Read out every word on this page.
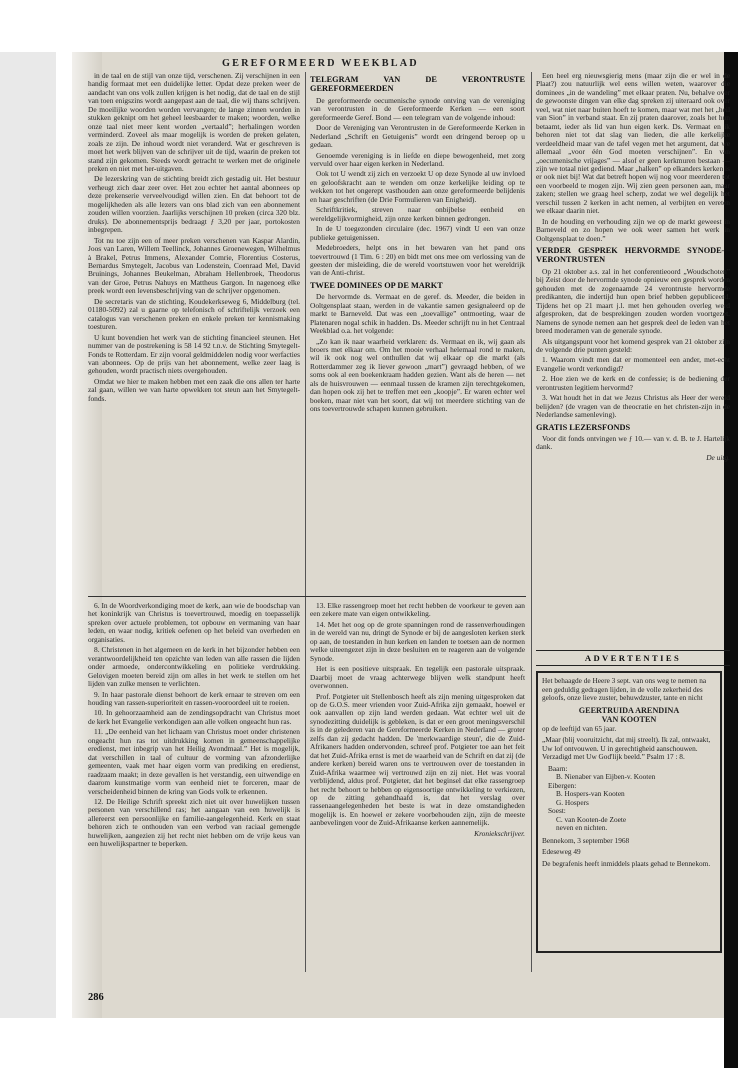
GEREFORMEERD WEEKBLAD

in de taal en de stijl van onze tijd, verschenen. Zij verschijnen in een handig formaat met een duidelijke letter. Opdat deze preken weer de aandacht van ons volk zullen krijgen is het nodig, dat de taal en de stijl van toen enigszins wordt aangepast aan de taal, die wij thans schrijven. De moeilijke woorden worden vervangen; de lange zinnen worden in stukken geknipt om het geheel leesbaarder te maken; woorden, welke onze taal niet meer kent worden „vertaald”; herhalingen worden verminderd. Zoveel als maar mogelijk is worden de preken gelaten, zoals ze zijn. De inhoud wordt niet veranderd. Wat er geschreven is moet het werk blijven van de schrijver uit de tijd, waarin de preken tot stand zijn gekomen. Steeds wordt getracht te werken met de originele preken en niet met her-uitgaven.

De lezerskring van de stichting breidt zich gestadig uit. Het bestuur verheugt zich daar zeer over. Het zou echter het aantal abonnees op deze prekenserie verveelvoudigd willen zien. En dat behoort tot de mogelijkheden als alle lezers van ons blad zich van een abonnement zouden willen voorzien. Jaarlijks verschijnen 10 preken (circa 320 blz. druks). De abonnementsprijs bedraagt ƒ 3,20 per jaar, portokosten inbegrepen.

Tot nu toe zijn een of meer preken verschenen van Kaspar Alardin, Joos van Laren, Willem Teellinck, Johannes Groenewegen, Wilhelmus à Brakel, Petrus Immens, Alexander Comrie, Florentius Costerus, Bernardus Smytegelt, Jacobus van Lodenstein, Coenraad Mel, David Bruinings, Johannes Beukelman, Abraham Hellenbroek, Theodorus van der Groe, Petrus Nahuys en Mattheus Gargon. In nagenoeg elke preek wordt een levensbeschrijving van de schrijver opgenomen.

De secretaris van de stichting, Koudekerkseweg 6, Middelburg (tel. 01180-5092) zal u gaarne op telefonisch of schriftelijk verzoek een catalogus van verschenen preken en enkele preken ter kennismaking toesturen.

U kunt bovendien het werk van de stichting financieel steunen. Het nummer van de postrekening is 58 14 92 t.n.v. de Stichting Smytegelt-Fonds te Rotterdam. Er zijn vooral geldmiddelen nodig voor werfacties van abonnees. Op de prijs van het abonnement, welke zeer laag is gehouden, wordt practisch niets overgehouden.

Omdat we hier te maken hebben met een zaak die ons allen ter harte zal gaan, willen we van harte opwekken tot steun aan het Smytegelt-fonds.

TELEGRAM VAN DE VERONTRUSTE GEREFORMEERDEN

De gereformeerde oecumenische synode ontving van de vereniging van verontrusten in de Gereformeerde Kerken — een soort gereformeerde Geref. Bond — een telegram van de volgende inhoud:

Door de Vereniging van Verontrusten in de Gereformeerde Kerken in Nederland „Schrift en Getuigenis” wordt een dringend beroep op u gedaan.

Genoemde vereniging is in liefde en diepe bewogenheid, met zorg vervuld over haar eigen kerken in Nederland.

Ook tot U wendt zij zich en verzoekt U op deze Synode al uw invloed en geloofskracht aan te wenden om onze kerkelijke leiding op te wekken tot het ongerept vasthouden aan onze gereformeerde belijdenis en haar geschriften (de Drie Formulieren van Enigheid).

Schriftkritiek, streven naar onbijbelse eenheid en wereldgelijkvormigheid, zijn onze kerken binnen gedrongen.

In de U toegezonden circulaire (dec. 1967) vindt U een van onze publieke getuigenissen.

Medebroeders, helpt ons in het bewaren van het pand ons toevertrouwd (1 Tim. 6 : 20) en bidt met ons mee om verlossing van de geesten der misleiding, die de wereld voortstuwen voor het wereldrijk van de Anti-christ.

TWEE DOMINEES OP DE MARKT

De hervormde ds. Vermaat en de geref. ds. Meeder, die beiden in Ooltgensplaat staan, werden in de vakantie samen gesignaleerd op de markt te Barneveld. Dat was een „toevallige” ontmoeting, waar de Platenaren nogal schik in hadden. Ds. Meeder schrijft nu in het Centraal Weekblad o.a. het volgende:

„Zo kan ik naar waarheid verklaren: ds. Vermaat en ik, wij gaan als broers met elkaar om. Om het mooie verhaal helemaal rond te maken, wil ik ook nog wel onthullen dat wij elkaar op die markt (als Rotterdammer zeg ik liever gewoon „mart”) gevraagd hebben, of we soms ook al een boekenkraam hadden gezien. Want als de heren — net als de huisvrouwen — eenmaal tussen de kramen zijn terechtgekomen, dan hopen ook zij het te treffen met een „koopje”. Er waren echter wel boeken, maar niet van het soort, dat wij tot meerdere stichting van de ons toevertrouwde schapen kunnen gebruiken.

Een heel erg nieuwsgierig mens (maar zijn die er wel in de Plaat?) zou natuurlijk wel eens willen weten, waarover die dominees „in de wandeling” met elkaar praten. Nu, behalve over de gewoonste dingen van elke dag spreken zij uiteraard ook over veel, wat niet naar buiten hoeft te komen, maar wat met het „heil van Sion” in verband staat. En zij praten daarover, zoals het hun betaamt, ieder als lid van hun eigen kerk. Ds. Vermaat en ik behoren niet tot dat slag van lieden, die alle kerkelijke verdeeldheid maar van de tafel vegen met het argument, dat we allemaal „voor één God moeten verschijnen”. En van „oecumenische vrijages” — alsof er geen kerkmuren bestaan — zijn we totaal niet gediend. Maar „halken” op elkanders kerken is er ook niet bij! Wat dat betreft hopen wij nog voor meerderen tot een voorbeeld te mogen zijn. Wij zien geen personen aan, maar zaken; stellen we graag heel scherp, zodat we wel degelijk het verschil tussen 2 kerken in acht nemen, al verbijten en vereten we elkaar daarin niet.

In de houding en verhouding zijn we op de markt geweest in Barneveld en zo hopen we ook weer samen het werk in Ooltgensplaat te doen.”

VERDER GESPREK HERVORMDE SYNODE—VERONTRUSTEN

Op 21 oktober a.s. zal in het conferentieoord „Woudschoten” bij Zeist door de hervormde synode opnieuw een gesprek worden gehouden met de zogenaamde 24 verontruste hervormde predikanten, die indertijd hun open brief hebben gepubliceerd. Tijdens het op 21 maart j.l. met hen gehouden overleg werd afgesproken, dat de besprekingen zouden worden voortgezet. Namens de synode nemen aan het gesprek deel de leden van het breed moderamen van de generale synode.

Als uitgangspunt voor het komend gesprek van 21 oktober zijn de volgende drie punten gesteld:

1. Waarom vindt men dat er momenteel een ander, met-echt Evangelie wordt verkondigd?

2. Hoe zien we de kerk en de confessie; is de bediening der verontrusten legitiem hervormd?

3. Wat houdt het in dat we Jezus Christus als Heer der wereld belijden? (de vragen van de theocratie en het christen-zijn in de Nederlandse samenleving).

GRATIS LEZERSFONDS

Voor dit fonds ontvingen we ƒ 10.— van v. d. B. te J. Hartelijk dank.

De uitg.

ADVERTENTIES

Het behaagde de Heere 3 sept. van ons weg te nemen na een geduldig gedragen lijden, in de volle zekerheid des geloofs, onze lieve zuster, behuwdzuster, tante en nicht

GEERTRUIDA ARENDINA
VAN KOOTEN

op de leeftijd van 65 jaar.

„Maar (blij vooruitzicht, dat mij streelt). Ik zal, ontwaakt, Uw lof ontvouwen. U in gerechtigheid aanschouwen. Verzadigd met Uw God'lijk beeld.” Psalm 17 : 8.

Baarn:
B. Nienaber van Eijben-v. Kooten
Eibergen:
B. Hospers-van Kooten
G. Hospers
Soest:
C. van Kooten-de Zoete
neven en nichten.

Bennekom, 3 september 1968

Edeseweg 49

De begrafenis heeft inmiddels plaats gehad te Bennekom.

6. In de Woordverkondiging moet de kerk, aan wie de boodschap van het koninkrijk van Christus is toevertrouwd, moedig en toepasselijk spreken over actuele problemen, tot opbouw en vermaning van haar leden, en waar nodig, kritiek oefenen op het beleid van overheden en organisaties.

8. Christenen in het algemeen en de kerk in het bijzonder hebben een verantwoordelijkheid ten opzichte van leden van alle rassen die lijden onder armoede, ondercontwikkeling en politieke verdrukking. Gelovigen moeten bereid zijn om alles in het werk te stellen om het lijden van zulke mensen te verlichten.

9. In haar pastorale dienst behoort de kerk ernaar te streven om een houding van rassen-superioriteit en rassen-vooroordeel uit te roeien.

10. In gehoorzaamheid aan de zendingsopdracht van Christus moet de kerk het Evangelie verkondigen aan alle volken ongeacht hun ras.

11. „De eenheid van het lichaam van Christus moet onder christenen ongeacht hun ras tot uitdrukking komen in gemeenschappelijke eredienst, met inbegrip van het Heilig Avondmaal.” Het is mogelijk, dat verschillen in taal of cultuur de vorming van afzonderlijke gemeenten, vaak met haar eigen vorm van prediking en eredienst, raadzaam maakt; in deze gevallen is het verstandig, een uitwendige en daarom kunstmatige vorm van eenheid niet te forceren, maar de verscheidenheid binnen de kring van Gods volk te erkennen.

12. De Heilige Schrift spreekt zich niet uit over huwelijken tussen personen van verschillend ras; het aangaan van een huwelijk is allereerst een persoonlijke en familie-aangelegenheid. Kerk en staat behoren zich te onthouden van een verbod van raciaal gemengde huwelijken, aangezien zij het recht niet hebben om de vrije keus van een huwelijkspartner te beperken.

13. Elke rassengroep moet het recht hebben de voorkeur te geven aan een zekere mate van eigen ontwikkeling.

14. Met het oog op de grote spanningen rond de rassenverhoudingen in de wereld van nu, dringt de Synode er bij de aangesloten kerken sterk op aan, de toestanden in hun kerken en landen te toetsen aan de normen welke uiteengezet zijn in deze besluiten en te reageren aan de volgende Synode.

Het is een positieve uitspraak. En tegelijk een pastorale uitspraak. Daarbij moet de vraag achterwege blijven welk standpunt heeft overwonnen.

Prof. Potgieter uit Stellenbosch heeft als zijn mening uitgesproken dat op de G.O.S. meer vrienden voor Zuid-Afrika zijn gemaakt, hoewel er ook aanvallen op zijn land werden gedaan. Wat echter wel uit de synodezitting duidelijk is gebleken, is dat er een groot meningsverschil is in de gelederen van de Gereformeerde Kerken in Nederland — groter zelfs dan zij gedacht hadden. De 'merkwaardige steun', die de Zuid-Afrikaners hadden ondervonden, schreef prof. Potgieter toe aan het feit dat het Zuid-Afrika ernst is met de waarheid van de Schrift en dat zij (de andere kerken) bereid waren ons te vertrouwen over de toestanden in Zuid-Afrika waarmee wij vertrouwd zijn en zij niet. Het was vooral verblijdend, aldus prof. Potgieter, dat het beginsel dat elke rassengroep het recht behoort te hebben op eigensoortige ontwikkeling te verkiezen, op de zitting gehandhaafd is, dat het verslag over rassenaangelegenheden het beste is wat in deze omstandigheden mogelijk is. En hoewel er zekere voorbehouden zijn, zijn de meeste aanbevelingen voor de Zuid-Afrikaanse kerken aannemelijk.

Kroniekschrijver.

286
